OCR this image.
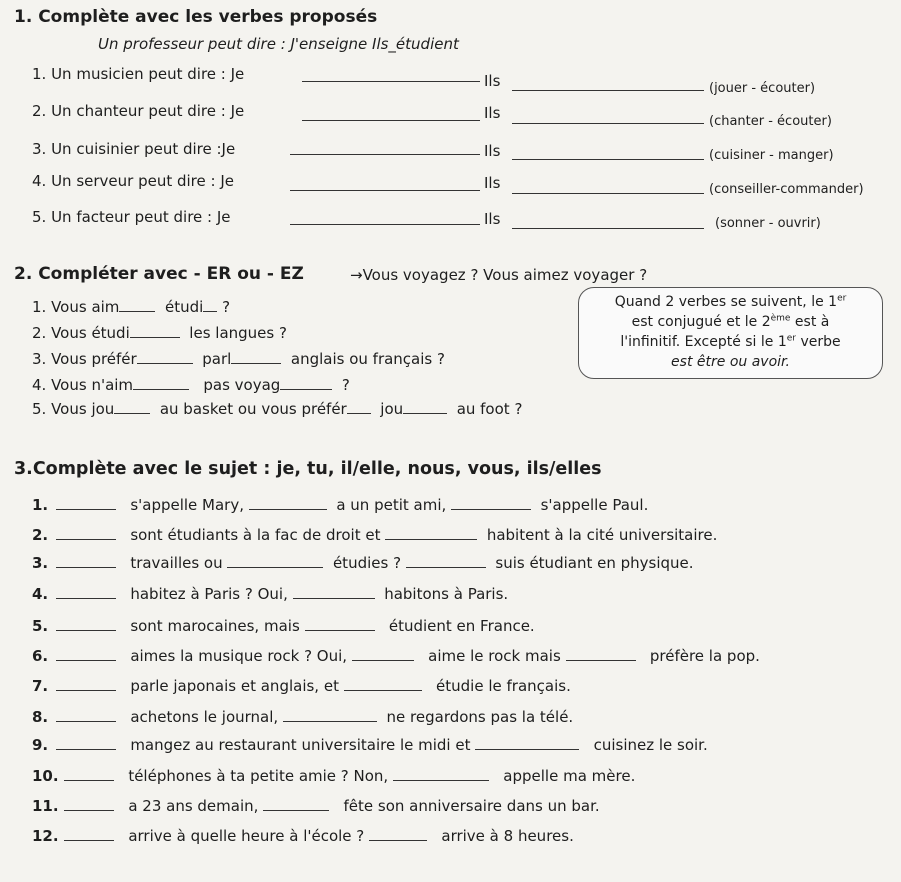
1. Complète avec les verbes proposés
Un professeur peut dire : J'enseigne Ils_étudient
1. Un musicien peut dire : Je	Ils	(jouer - écouter)
2. Un chanteur peut dire : Je	Ils	(chanter - écouter)
3. Un cuisinier peut dire :Je	Ils	(cuisiner - manger)
4. Un serveur peut dire : Je	Ils	(conseiller-commander)
5. Un facteur peut dire : Je	Ils	(sonner - ouvrir)
2. Compléter avec - ER ou - EZ	→Vous voyagez ? Vous aimez voyager ?
1. Vous aim	étudi ?
2. Vous étudi	les langues ?
3. Vous préfér	parl	anglais ou français ?
4. Vous n'aim	pas voyag	?
5. Vous jou	au basket ou vous préfér jou	au foot ?
Quand 2 verbes se suivent, le 1er
est conjugué et le 2ème est à
l'infinitif. Excepté si le 1er verbe
est être ou avoir.
3.Complète avec le sujet : je, tu, il/elle, nous, vous, ils/elles
1.	s'appelle Mary,	a un petit ami,	s'appelle Paul.
2.	sont étudiants à la fac de droit et	habitent à la cité universitaire.
3.	travailles ou	étudies ?	suis étudiant en physique.
4.	habitez à Paris ? Oui,	habitons à Paris.
5.	sont marocaines, mais	étudient en France.
6.	aimes la musique rock ? Oui,	aime le rock mais	préfère la pop.
7.	parle japonais et anglais, et	étudie le français.
8.	achetons le journal,	ne regardons pas la télé.
9.	mangez au restaurant universitaire le midi et	cuisinez le soir.
10.	téléphones à ta petite amie ? Non,	appelle ma mère.
11.	a 23 ans demain,	fête son anniversaire dans un bar.
12.	arrive à quelle heure à l'école ?	arrive à 8 heures.
